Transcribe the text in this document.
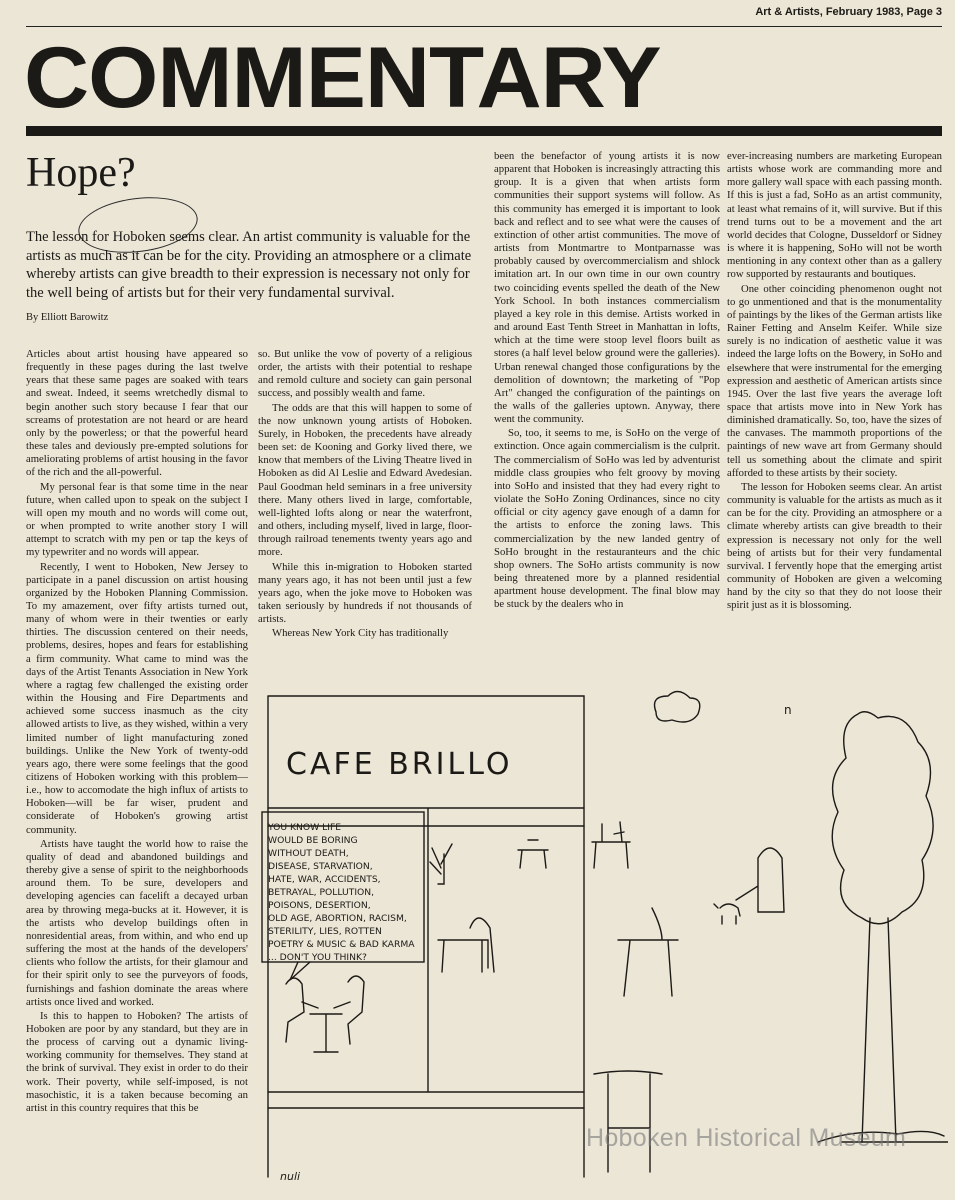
Art & Artists, February 1983, Page 3
COMMENTARY
Hope?
The lesson for Hoboken seems clear. An artist community is valuable for the artists as much as it can be for the city. Providing an atmosphere or a climate whereby artists can give breadth to their expression is necessary not only for the well being of artists but for their very fundamental survival.
By Elliott Barowitz

Articles about artist housing have appeared so frequently in these pages during the last twelve years that these same pages are soaked with tears and sweat. Indeed, it seems wretchedly dismal to begin another such story because I fear that our screams of protestation are not heard or are heard only by the powerless; or that the powerful heard these tales and deviously pre-empted solutions for ameliorating problems of artist housing in the favor of the rich and the all-powerful.

My personal fear is that some time in the near future, when called upon to speak on the subject I will open my mouth and no words will come out, or when prompted to write another story I will attempt to scratch with my pen or tap the keys of my typewriter and no words will appear.

Recently, I went to Hoboken, New Jersey to participate in a panel discussion on artist housing organized by the Hoboken Planning Commission. To my amazement, over fifty artists turned out, many of whom were in their twenties or early thirties. The discussion centered on their needs, problems, desires, hopes and fears for establishing a firm community. What came to mind was the days of the Artist Tenants Association in New York where a ragtag few challenged the existing order within the Housing and Fire Departments and achieved some success inasmuch as the city allowed artists to live, as they wished, within a very limited number of light manufacturing zoned buildings. Unlike the New York of twenty-odd years ago, there were some feelings that the good citizens of Hoboken working with this problem—i.e., how to accomodate the high influx of artists to Hoboken—will be far wiser, prudent and considerate of Hoboken's growing artist community.

Artists have taught the world how to raise the quality of dead and abandoned buildings and thereby give a sense of spirit to the neighborhoods around them. To be sure, developers and developing agencies can facelift a decayed urban area by throwing mega-bucks at it. However, it is the artists who develop buildings often in nonresidential areas, from within, and who end up suffering the most at the hands of the developers' clients who follow the artists, for their glamour and for their spirit only to see the purveyors of foods, furnishings and fashion dominate the areas where artists once lived and worked.

Is this to happen to Hoboken? The artists of Hoboken are poor by any standard, but they are in the process of carving out a dynamic living-working community for themselves. They stand at the brink of survival. They exist in order to do their work. Their poverty, while self-imposed, is not masochistic, it is a taken because becoming an artist in this country requires that this be

so. But unlike the vow of poverty of a religious order, the artists with their potential to reshape and remold culture and society can gain personal success, and possibly wealth and fame.

The odds are that this will happen to some of the now unknown young artists of Hoboken. Surely, in Hoboken, the precedents have already been set: de Kooning and Gorky lived there, we know that members of the Living Theatre lived in Hoboken as did Al Leslie and Edward Avedesian. Paul Goodman held seminars in a free university there. Many others lived in large, comfortable, well-lighted lofts along or near the waterfront, and others, including myself, lived in large, floor-through railroad tenements twenty years ago and more.

While this in-migration to Hoboken started many years ago, it has not been until just a few years ago, when the joke move to Hoboken was taken seriously by hundreds if not thousands of artists.

Whereas New York City has traditionally

been the benefactor of young artists it is now apparent that Hoboken is increasingly attracting this group. It is a given that when artists form communities their support systems will follow. As this community has emerged it is important to look back and reflect and to see what were the causes of extinction of other artist communities. The move of artists from Montmartre to Montparnasse was probably caused by overcommercialism and shlock imitation art. In our own time in our own country two coinciding events spelled the death of the New York School. In both instances commercialism played a key role in this demise. Artists worked in and around East Tenth Street in Manhattan in lofts, which at the time were stoop level floors built as stores (a half level below ground were the galleries). Urban renewal changed those configurations by the demolition of downtown; the marketing of "Pop Art" changed the configuration of the paintings on the walls of the galleries uptown. Anyway, there went the community.

So, too, it seems to me, is SoHo on the verge of extinction. Once again commercialism is the culprit. The commercialism of SoHo was led by adventurist middle class groupies who felt groovy by moving into SoHo and insisted that they had every right to violate the SoHo Zoning Ordinances, since no city official or city agency gave enough of a damn for the artists to enforce the zoning laws. This commercialization by the new landed gentry of SoHo brought in the restauranteurs and the chic shop owners. The SoHo artists community is now being threatened more by a planned residential apartment house development. The final blow may be stuck by the dealers who in

ever-increasing numbers are marketing European artists whose work are commanding more and more gallery wall space with each passing month. If this is just a fad, SoHo as an artist community, at least what remains of it, will survive. But if this trend turns out to be a movement and the art world decides that Cologne, Dusseldorf or Sidney is where it is happening, SoHo will not be worth mentioning in any context other than as a gallery row supported by restaurants and boutiques.

One other coinciding phenomenon ought not to go unmentioned and that is the monumentality of paintings by the likes of the German artists like Rainer Fetting and Anselm Keifer. While size surely is no indication of aesthetic value it was indeed the large lofts on the Bowery, in SoHo and elsewhere that were instrumental for the emerging expression and aesthetic of American artists since 1945. Over the last five years the average loft space that artists move into in New York has diminished dramatically. So, too, have the sizes of the canvases. The mammoth proportions of the paintings of new wave art from Germany should tell us something about the climate and spirit afforded to these artists by their society.

The lesson for Hoboken seems clear. An artist community is valuable for the artists as much as it can be for the city. Providing an atmosphere or a climate whereby artists can give breadth to their expression is necessary not only for the well being of artists but for their very fundamental survival. I fervently hope that the emerging artist community of Hoboken are given a welcoming hand by the city so that they do not loose their spirit just as it is blossoming.

CAFE BRILLO
YOU KNOW LIFE
WOULD BE BORING
WITHOUT DEATH,
DISEASE, STARVATION,
HATE, WAR, ACCIDENTS,
BETRAYAL, POLLUTION,
POISONS, DESERTION,
OLD AGE, ABORTION, RACISM,
STERILITY, LIES, ROTTEN
POETRY & MUSIC & BAD KARMA
... DON'T YOU THINK?
n
nuli
Hoboken Historical Museum
